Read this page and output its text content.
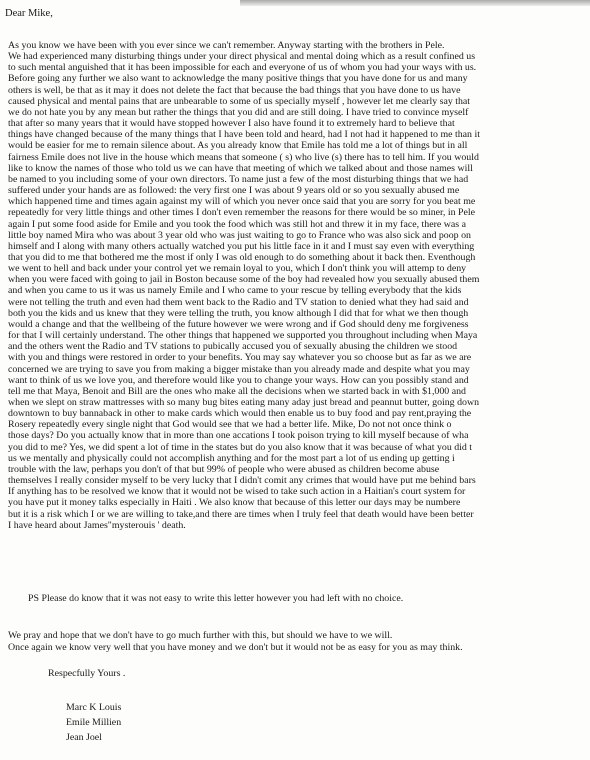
Dear Mike,
As you know we have been with you ever since we can't remember. Anyway starting with the brothers in Pele.
We had experienced many disturbing things under your direct physical and mental doing which as a result confined us
to such mental anguished that it has been impossible for each and everyone of us of whom you had your ways with us.
Before going any further we also want to acknowledge the many positive things that you have done for us and many
others is well, be that as it may it does not delete the fact that because the bad things that you have done to us have
caused physical and mental pains that are unbearable to some of us specially myself , however let me clearly say that
we do not hate you by any mean but rather the things that you did and are still doing. I have tried to convince myself
that after so many years that it would have stopped however I also have found it to extremely hard to believe that
things have changed because of the many things that I have been told and heard, had I not had it happened to me than it
would be easier for me to remain silence about. As you already know that Emile has told me a lot of things but in all
fairness Emile does not live in the house which means that someone ( s) who live (s) there has to tell him. If you would
like to know the names of those who told us we can have that meeting of which we talked about and those names will
be named to you including some of your own directors. To name just a few of the most disturbing things that we had
suffered under your hands are as followed: the very first one I was about 9 years old or so you sexually abused me
which happened time and times again against my will of which you never once said that you are sorry for you beat me
repeatedly for very little things and other times I don't even remember the reasons for there would be so miner, in Pele
again I put some food aside for Emile and you took the food which was still hot and threw it in my face, there was a
little boy named Mira who was about 3 year old who was just waiting to go to France who was also sick and poop on
himself and I along with many others actually watched you put his little face in it and I must say even with everything
that you did to me that bothered me the most if only I was old enough to do something about it back then. Eventhough
we went to hell and back under your control yet we remain loyal to you, which I don't think you will attemp to deny
when you were faced with going to jail in Boston because some of the boy had revealed how you sexually abused them
and when you came to us it was us namely Emile and I who came to your rescue by telling everybody that the kids
were not telling the truth and even had them went back to the Radio and TV station to denied what they had said and
both you the kids and us knew that they were telling the truth, you know although I did that for what we then though
would a change and that the wellbeing of the future however we were wrong and if God should deny me forgiveness
for that I will certainly understand. The other things that happened we supported you throughout including when Maya
and the others went the Radio and TV stations to pubically accused you of sexually abusing the children we stood
with you and things were restored in order to your benefits. You may say whatever you so choose but as far as we are
concerned we are trying to save you from making a bigger mistake than you already made and despite what you may
want to think of us we love you, and therefore would like you to change your ways. How can you possibly stand and
tell me that Maya, Benoit and Bill are the ones who make all the decisions when we started back in with $1,000 and
when we slept on straw mattresses with so many bug bites eating many aday just bread and peannut butter, going down
downtown to buy bannaback in other to make cards which would then enable us to buy food and pay rent,praying the
Rosery repeatedly every single night that God would see that we had a better life. Mike, Do not not once think o
those days? Do you actually know that in more than one accations I took poison trying to kill myself because of wha
you did to me? Yes, we did spent a lot of time in the states but do you also know that it was because of what you did t
us we mentally and physically could not accomplish anything and for the most part a lot of us ending up getting i
trouble with the law, perhaps you don't of that but 99% of people who were abused as children become abuse
themselves I really consider myself to be very lucky that I didn't comit any crimes that would have put me behind bars
If anything has to be resolved we know that it would not be wised to take such action in a Haitian's court system for
you have put it money talks especially in Haiti . We also know that because of this letter our days may be numbere
but it is a risk which I or we are willing to take,and there are times when I truly feel that death would have been better
I have heard about James"mysterouis ' death.
PS Please do know that it was not easy to write this letter however you had left with no choice.
We pray and hope that we don't have to go much further with this, but should we have to we will.
Once again we know very well that you have money and we don't but it would not be as easy for you as may think.
Respecfully Yours .
Marc K Louis
Emile Millien
Jean Joel
